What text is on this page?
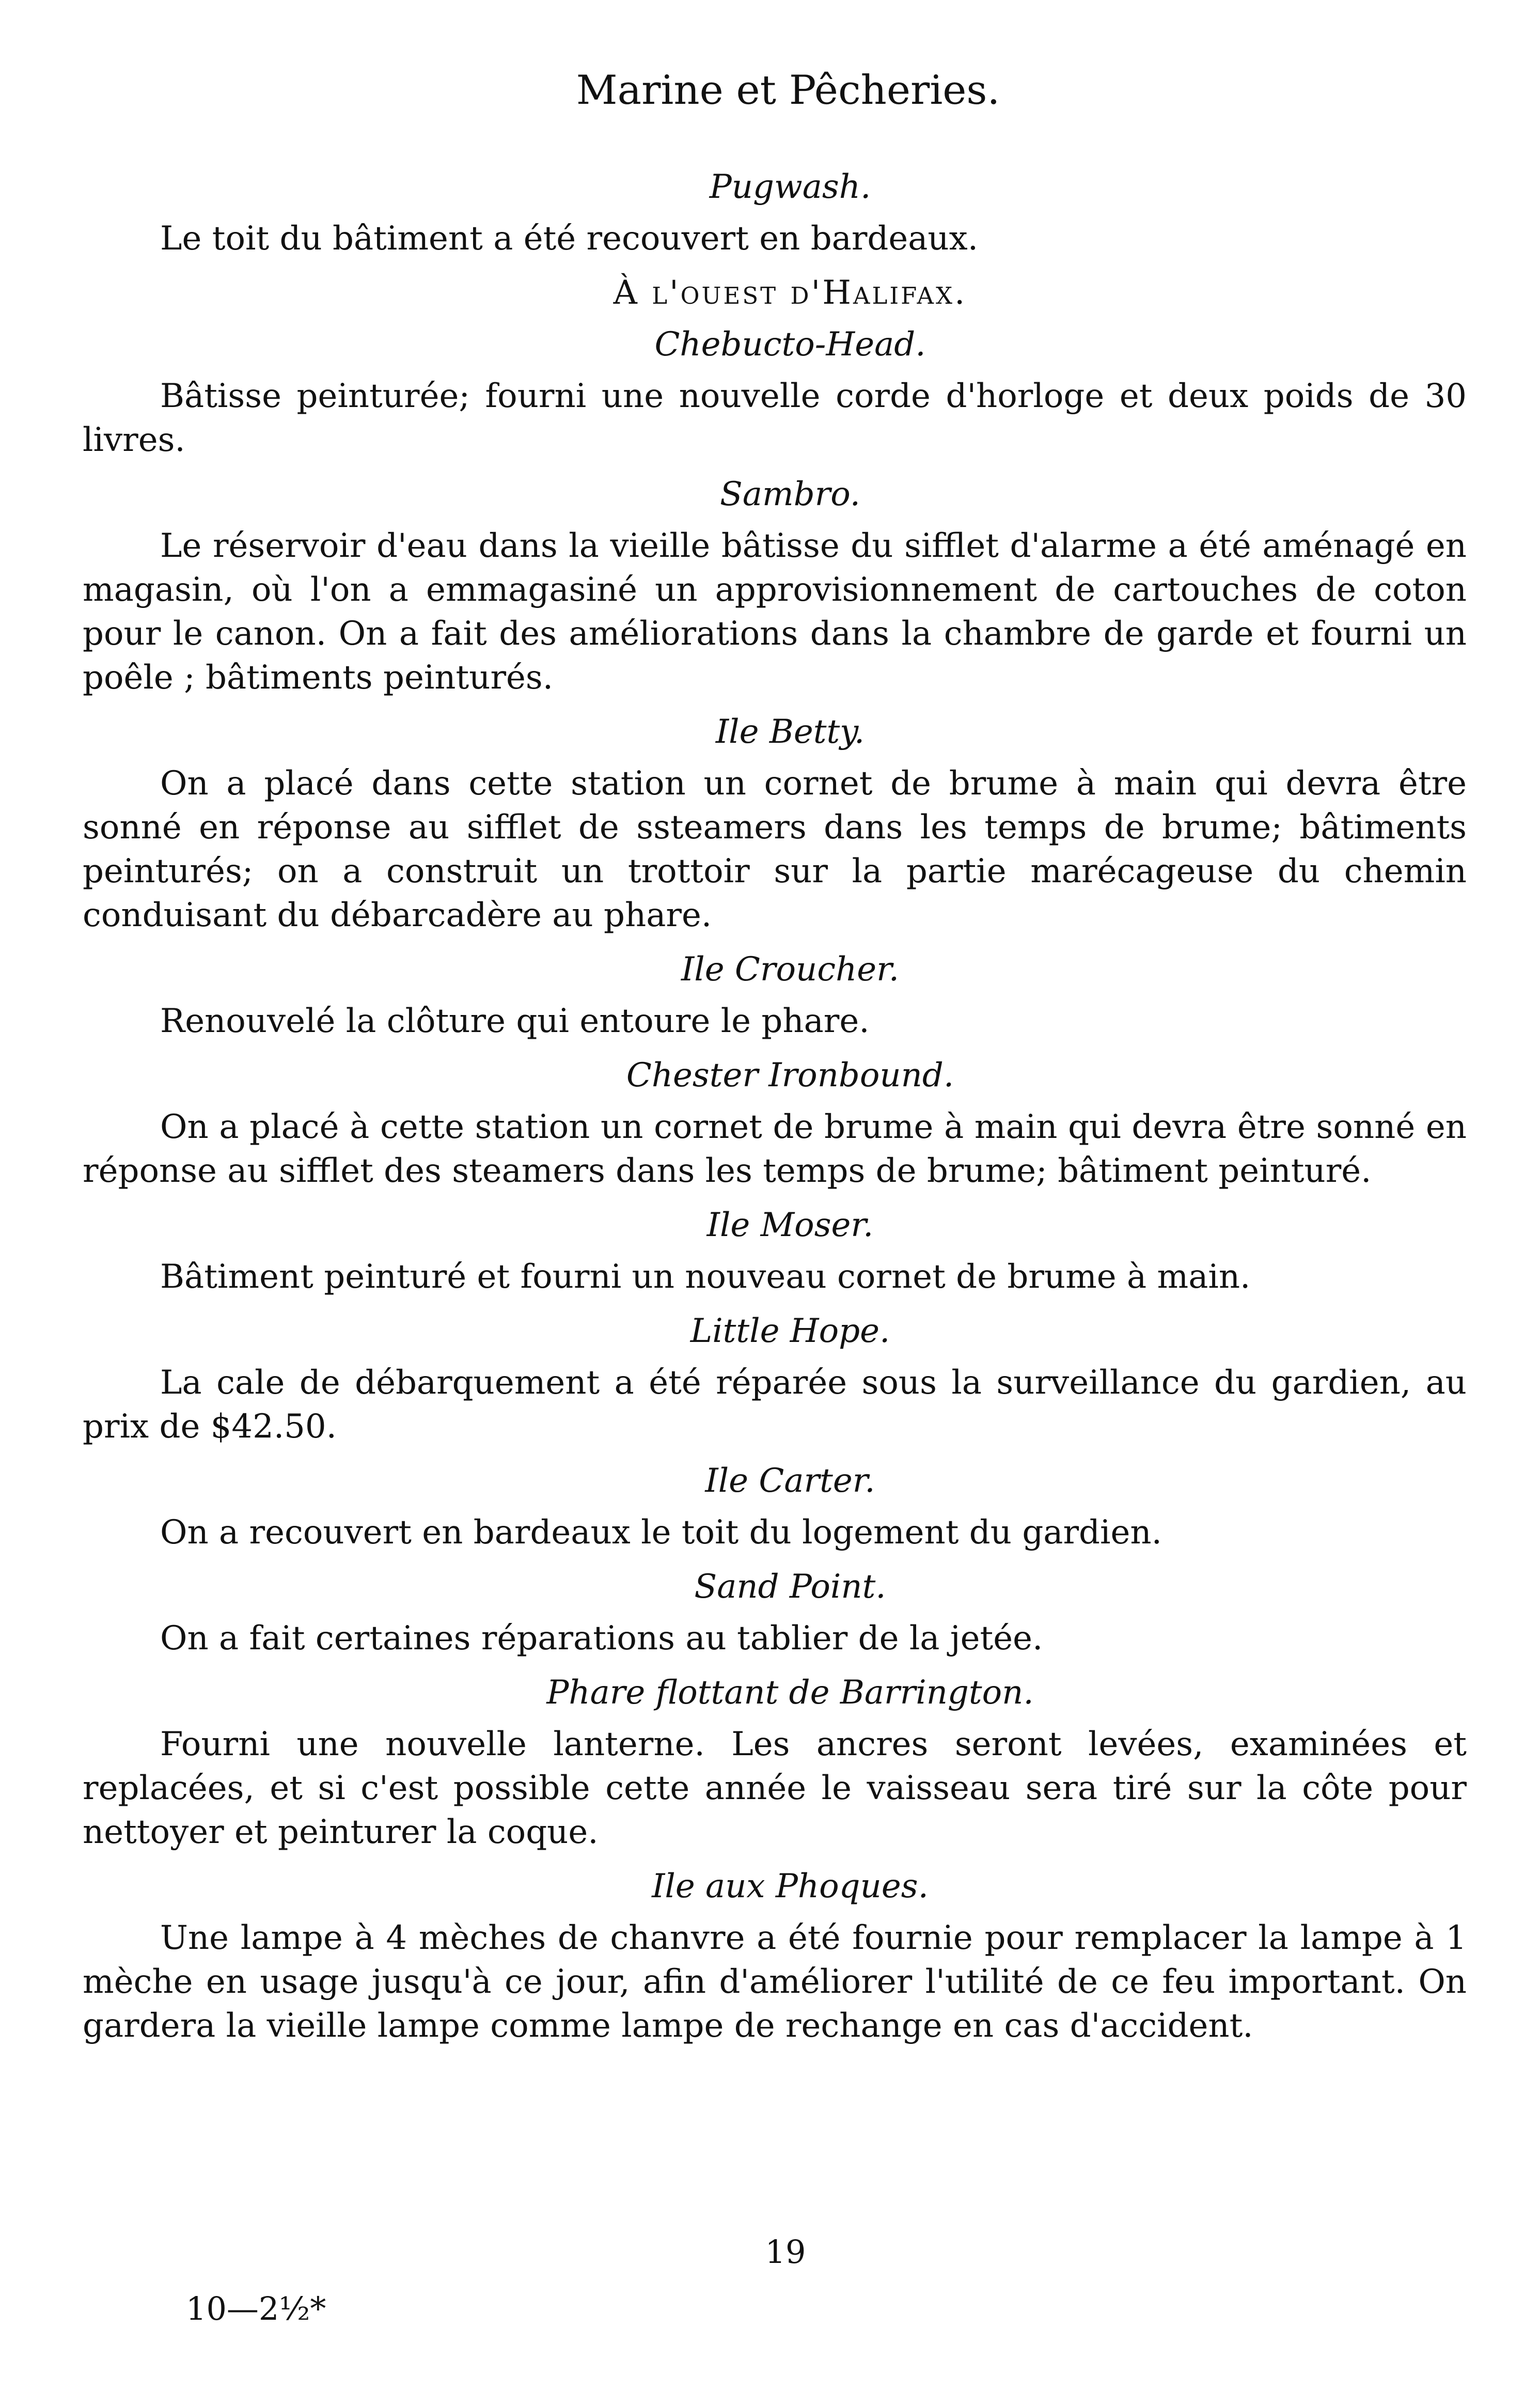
Marine et Pêcheries.
Pugwash.
Le toit du bâtiment a été recouvert en bardeaux.
À l'ouest d'Halifax.
Chebucto-Head.
Bâtisse peinturée; fourni une nouvelle corde d'horloge et deux poids de 30 livres.
Sambro.
Le réservoir d'eau dans la vieille bâtisse du sifflet d'alarme a été aménagé en magasin, où l'on a emmagasiné un approvisionnement de cartouches de coton pour le canon. On a fait des améliorations dans la chambre de garde et fourni un poêle ; bâtiments peinturés.
Ile Betty.
On a placé dans cette station un cornet de brume à main qui devra être sonné en réponse au sifflet de ssteamers dans les temps de brume; bâtiments peinturés; on a construit un trottoir sur la partie marécageuse du chemin conduisant du débarcadère au phare.
Ile Croucher.
Renouvelé la clôture qui entoure le phare.
Chester Ironbound.
On a placé à cette station un cornet de brume à main qui devra être sonné en réponse au sifflet des steamers dans les temps de brume; bâtiment peinturé.
Ile Moser.
Bâtiment peinturé et fourni un nouveau cornet de brume à main.
Little Hope.
La cale de débarquement a été réparée sous la surveillance du gardien, au prix de $42.50.
Ile Carter.
On a recouvert en bardeaux le toit du logement du gardien.
Sand Point.
On a fait certaines réparations au tablier de la jetée.
Phare flottant de Barrington.
Fourni une nouvelle lanterne. Les ancres seront levées, examinées et replacées, et si c'est possible cette année le vaisseau sera tiré sur la côte pour nettoyer et peinturer la coque.
Ile aux Phoques.
Une lampe à 4 mèches de chanvre a été fournie pour remplacer la lampe à 1 mèche en usage jusqu'à ce jour, afin d'améliorer l'utilité de ce feu important. On gardera la vieille lampe comme lampe de rechange en cas d'accident.
19
10—2½*
